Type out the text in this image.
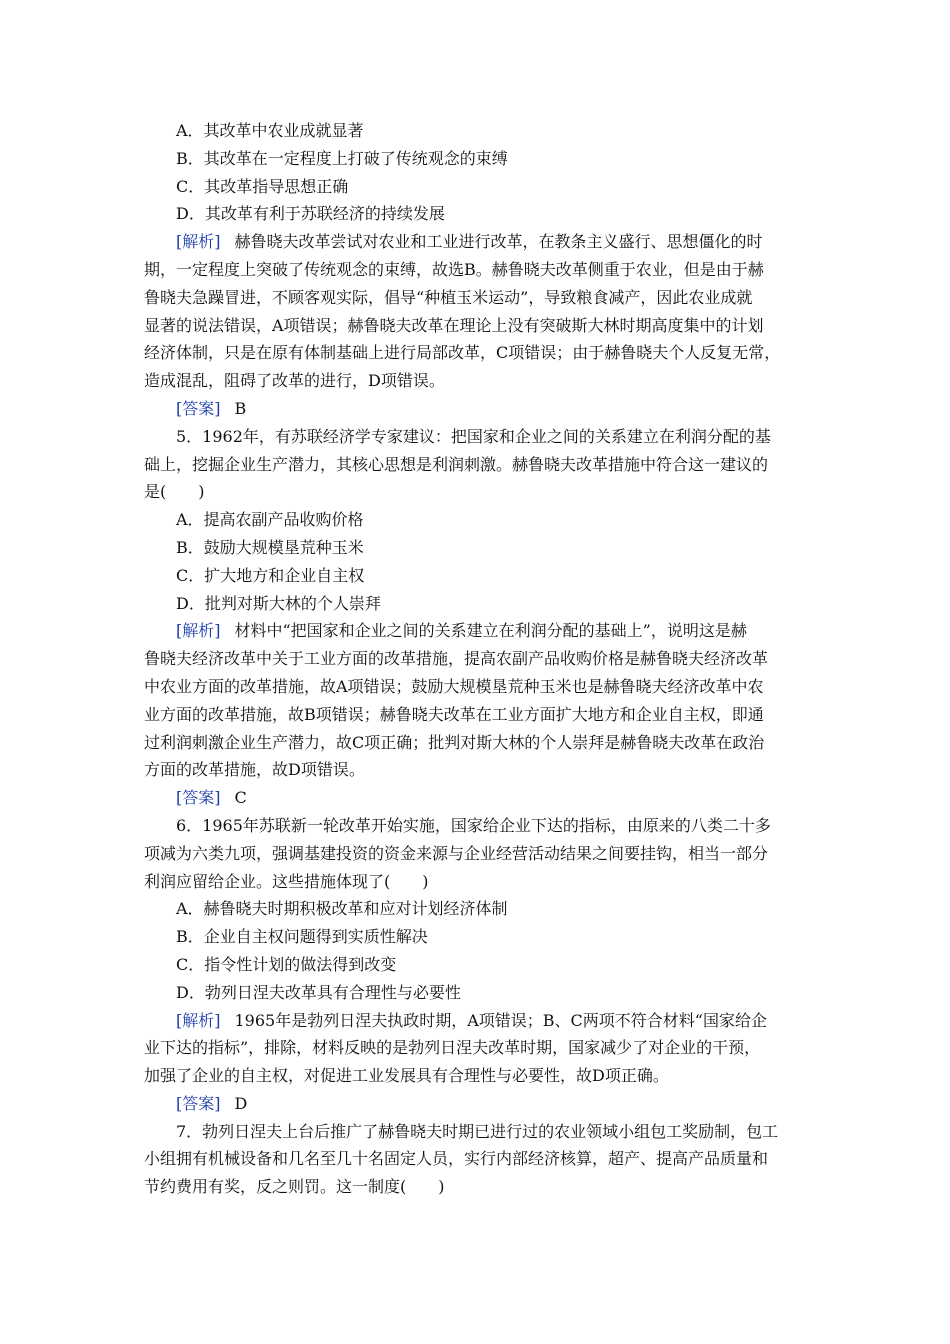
A．其改革中农业成就显著
B．其改革在一定程度上打破了传统观念的束缚
C．其改革指导思想正确
D．其改革有利于苏联经济的持续发展
[解析] 赫鲁晓夫改革尝试对农业和工业进行改革，在教条主义盛行、思想僵化的时
期，一定程度上突破了传统观念的束缚，故选B。赫鲁晓夫改革侧重于农业，但是由于赫
鲁晓夫急躁冒进，不顾客观实际，倡导“种植玉米运动”，导致粮食减产，因此农业成就
显著的说法错误，A项错误；赫鲁晓夫改革在理论上没有突破斯大林时期高度集中的计划
经济体制，只是在原有体制基础上进行局部改革，C项错误；由于赫鲁晓夫个人反复无常，
造成混乱，阻碍了改革的进行，D项错误。
[答案] B
5．1962年，有苏联经济学专家建议：把国家和企业之间的关系建立在利润分配的基
础上，挖掘企业生产潜力，其核心思想是利润刺激。赫鲁晓夫改革措施中符合这一建议的
是(　　)
A．提高农副产品收购价格
B．鼓励大规模垦荒种玉米
C．扩大地方和企业自主权
D．批判对斯大林的个人崇拜
[解析] 材料中“把国家和企业之间的关系建立在利润分配的基础上”，说明这是赫
鲁晓夫经济改革中关于工业方面的改革措施，提高农副产品收购价格是赫鲁晓夫经济改革
中农业方面的改革措施，故A项错误；鼓励大规模垦荒种玉米也是赫鲁晓夫经济改革中农
业方面的改革措施，故B项错误；赫鲁晓夫改革在工业方面扩大地方和企业自主权，即通
过利润刺激企业生产潜力，故C项正确；批判对斯大林的个人崇拜是赫鲁晓夫改革在政治
方面的改革措施，故D项错误。
[答案] C
6．1965年苏联新一轮改革开始实施，国家给企业下达的指标，由原来的八类二十多
项减为六类九项，强调基建投资的资金来源与企业经营活动结果之间要挂钩，相当一部分
利润应留给企业。这些措施体现了(　　)
A．赫鲁晓夫时期积极改革和应对计划经济体制
B．企业自主权问题得到实质性解决
C．指令性计划的做法得到改变
D．勃列日涅夫改革具有合理性与必要性
[解析] 1965年是勃列日涅夫执政时期，A项错误；B、C两项不符合材料“国家给企
业下达的指标”，排除，材料反映的是勃列日涅夫改革时期，国家减少了对企业的干预，
加强了企业的自主权，对促进工业发展具有合理性与必要性，故D项正确。
[答案] D
7．勃列日涅夫上台后推广了赫鲁晓夫时期已进行过的农业领域小组包工奖励制，包工
小组拥有机械设备和几名至几十名固定人员，实行内部经济核算，超产、提高产品质量和
节约费用有奖，反之则罚。这一制度(　　)
